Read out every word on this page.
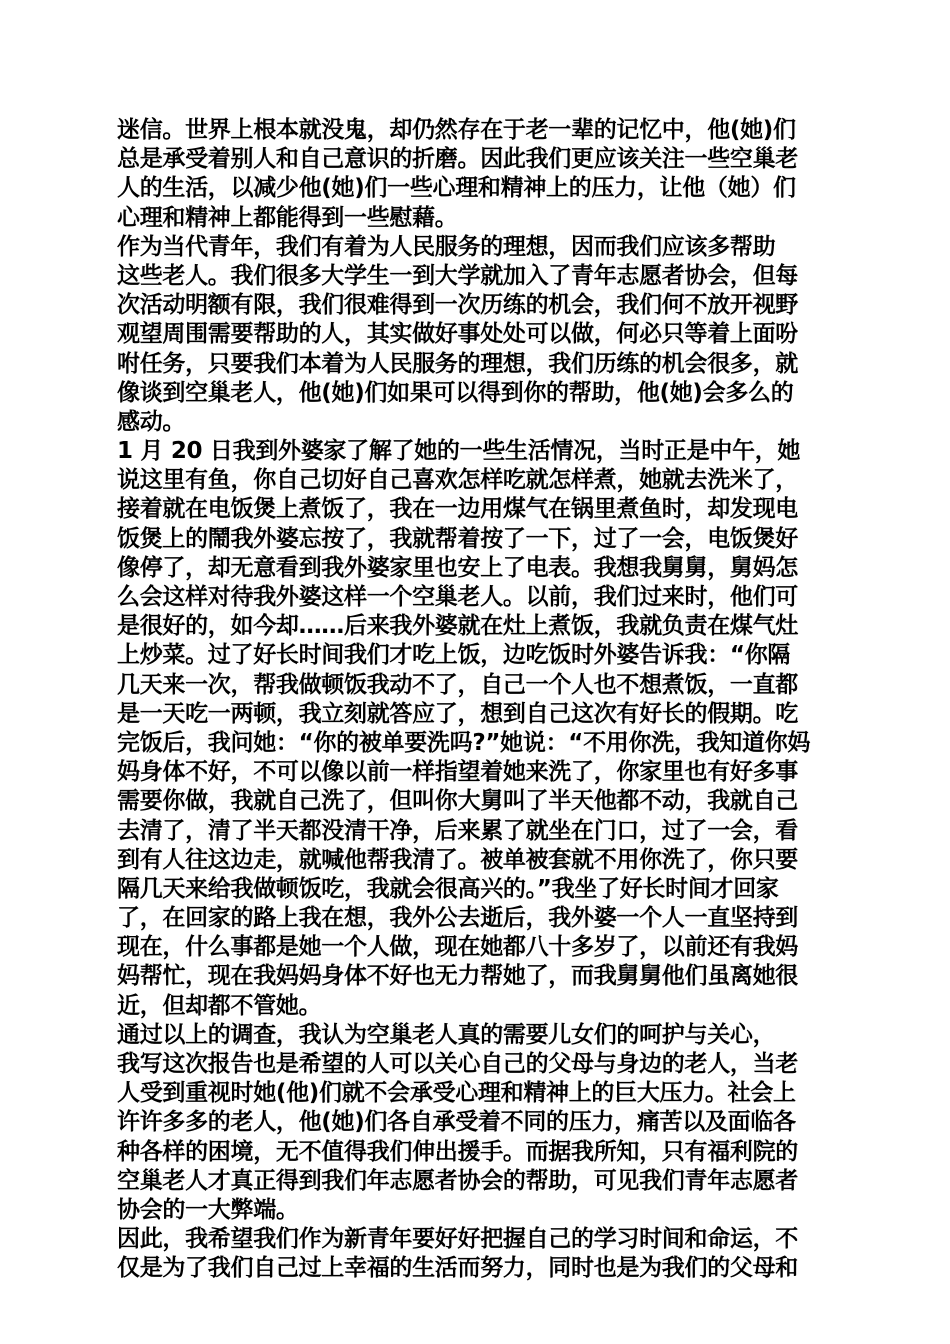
迷信。世界上根本就没鬼，却仍然存在于老一辈的记忆中，他(她)们
总是承受着别人和自己意识的折磨。因此我们更应该关注一些空巢老
人的生活，以减少他(她)们一些心理和精神上的压力，让他（她）们
心理和精神上都能得到一些慰藉。
作为当代青年，我们有着为人民服务的理想，因而我们应该多帮助
这些老人。我们很多大学生一到大学就加入了青年志愿者协会，但每
次活动明额有限，我们很难得到一次历练的机会，我们何不放开视野
观望周围需要帮助的人，其实做好事处处可以做，何必只等着上面吩
咐任务，只要我们本着为人民服务的理想，我们历练的机会很多，就
像谈到空巢老人，他(她)们如果可以得到你的帮助，他(她)会多么的
感动。
1 月 20 日我到外婆家了解了她的一些生活情况，当时正是中午，她
说这里有鱼，你自己切好自己喜欢怎样吃就怎样煮，她就去洗米了，
接着就在电饭煲上煮饭了，我在一边用煤气在锅里煮鱼时，却发现电
饭煲上的鬧我外婆忘按了，我就帮着按了一下，过了一会，电饭煲好
像停了，却无意看到我外婆家里也安上了电表。我想我舅舅，舅妈怎
么会这样对待我外婆这样一个空巢老人。以前，我们过来时，他们可
是很好的，如今却……后来我外婆就在灶上煮饭，我就负责在煤气灶
上炒菜。过了好长时间我们才吃上饭，边吃饭时外婆告诉我：“你隔
几天来一次，帮我做顿饭我动不了，自己一个人也不想煮饭，一直都
是一天吃一两顿，我立刻就答应了，想到自己这次有好长的假期。吃
完饭后，我问她：“你的被单要洗吗?”她说：“不用你洗，我知道你妈
妈身体不好，不可以像以前一样指望着她来洗了，你家里也有好多事
需要你做，我就自己洗了，但叫你大舅叫了半天他都不动，我就自己
去清了，清了半天都没清干净，后来累了就坐在门口，过了一会，看
到有人往这边走，就喊他帮我清了。被单被套就不用你洗了，你只要
隔几天来给我做顿饭吃，我就会很高兴的。”我坐了好长时间才回家
了，在回家的路上我在想，我外公去逝后，我外婆一个人一直坚持到
现在，什么事都是她一个人做，现在她都八十多岁了，以前还有我妈
妈帮忙，现在我妈妈身体不好也无力帮她了，而我舅舅他们虽离她很
近，但却都不管她。
通过以上的调查，我认为空巢老人真的需要儿女们的呵护与关心，
我写这次报告也是希望的人可以关心自己的父母与身边的老人，当老
人受到重视时她(他)们就不会承受心理和精神上的巨大压力。社会上
许许多多的老人，他(她)们各自承受着不同的压力，痛苦以及面临各
种各样的困境，无不值得我们伸出援手。而据我所知，只有福利院的
空巢老人才真正得到我们年志愿者协会的帮助，可见我们青年志愿者
协会的一大弊端。
因此，我希望我们作为新青年要好好把握自己的学习时间和命运，不
仅是为了我们自己过上幸福的生活而努力，同时也是为我们的父母和
